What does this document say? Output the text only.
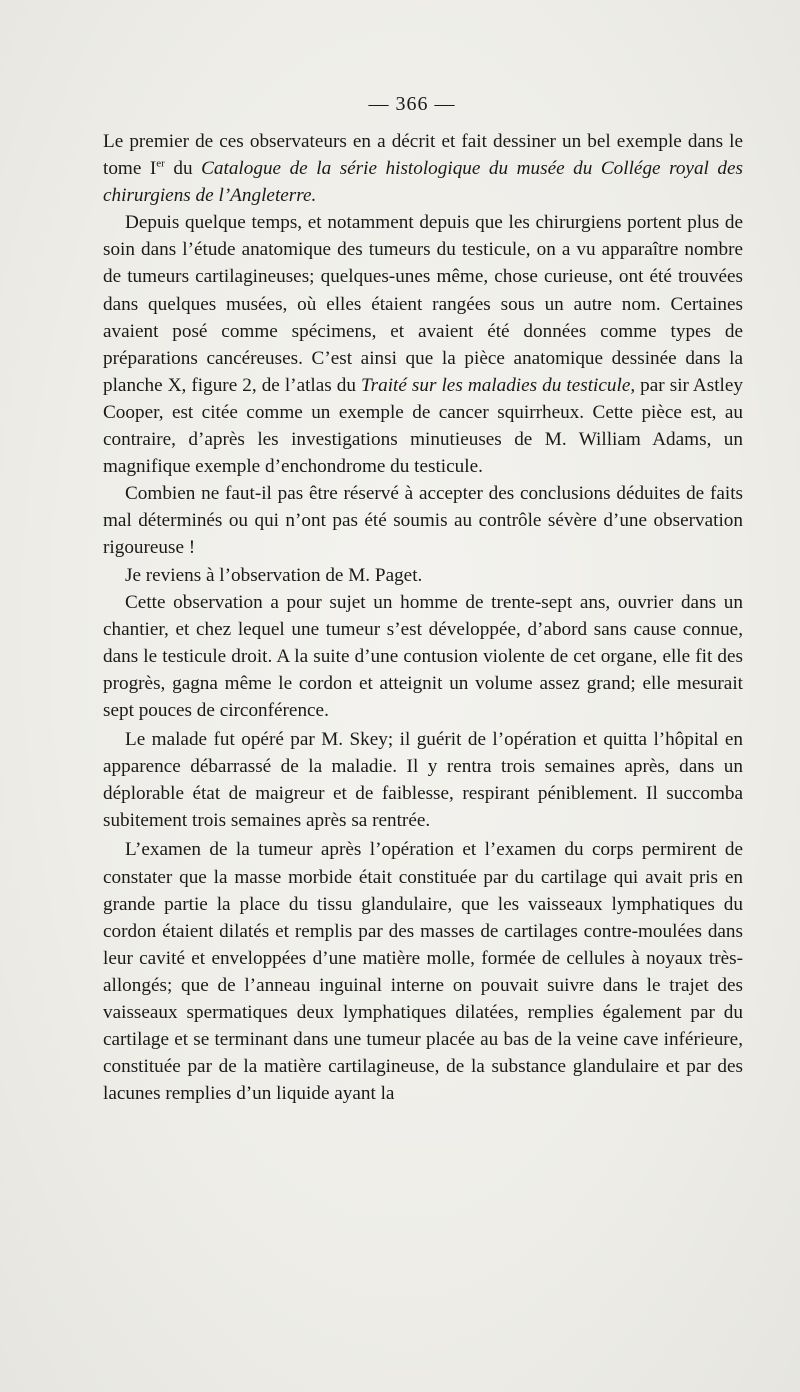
— 366 —

Le premier de ces observateurs en a décrit et fait dessiner un bel exemple dans le tome Ier du Catalogue de la série histologique du musée du Collége royal des chirurgiens de l’Angleterre.

Depuis quelque temps, et notamment depuis que les chirurgiens portent plus de soin dans l’étude anatomique des tumeurs du testicule, on a vu apparaître nombre de tumeurs cartilagineuses; quelques-unes même, chose curieuse, ont été trouvées dans quelques musées, où elles étaient rangées sous un autre nom. Certaines avaient posé comme spécimens, et avaient été données comme types de préparations cancéreuses. C’est ainsi que la pièce anatomique dessinée dans la planche X, figure 2, de l’atlas du Traité sur les maladies du testicule, par sir Astley Cooper, est citée comme un exemple de cancer squirrheux. Cette pièce est, au contraire, d’après les investigations minutieuses de M. William Adams, un magnifique exemple d’enchondrome du testicule.

Combien ne faut-il pas être réservé à accepter des conclusions déduites de faits mal déterminés ou qui n’ont pas été soumis au contrôle sévère d’une observation rigoureuse !

Je reviens à l’observation de M. Paget.

Cette observation a pour sujet un homme de trente-sept ans, ouvrier dans un chantier, et chez lequel une tumeur s’est développée, d’abord sans cause connue, dans le testicule droit. A la suite d’une contusion violente de cet organe, elle fit des progrès, gagna même le cordon et atteignit un volume assez grand; elle mesurait sept pouces de circonférence.

Le malade fut opéré par M. Skey; il guérit de l’opération et quitta l’hôpital en apparence débarrassé de la maladie. Il y rentra trois semaines après, dans un déplorable état de maigreur et de faiblesse, respirant péniblement. Il succomba subitement trois semaines après sa rentrée.

L’examen de la tumeur après l’opération et l’examen du corps permirent de constater que la masse morbide était constituée par du cartilage qui avait pris en grande partie la place du tissu glandulaire, que les vaisseaux lymphatiques du cordon étaient dilatés et remplis par des masses de cartilages contre-moulées dans leur cavité et enveloppées d’une matière molle, formée de cellules à noyaux très-allongés; que de l’anneau inguinal interne on pouvait suivre dans le trajet des vaisseaux spermatiques deux lymphatiques dilatées, remplies également par du cartilage et se terminant dans une tumeur placée au bas de la veine cave inférieure, constituée par de la matière cartilagineuse, de la substance glandulaire et par des lacunes remplies d’un liquide ayant la
